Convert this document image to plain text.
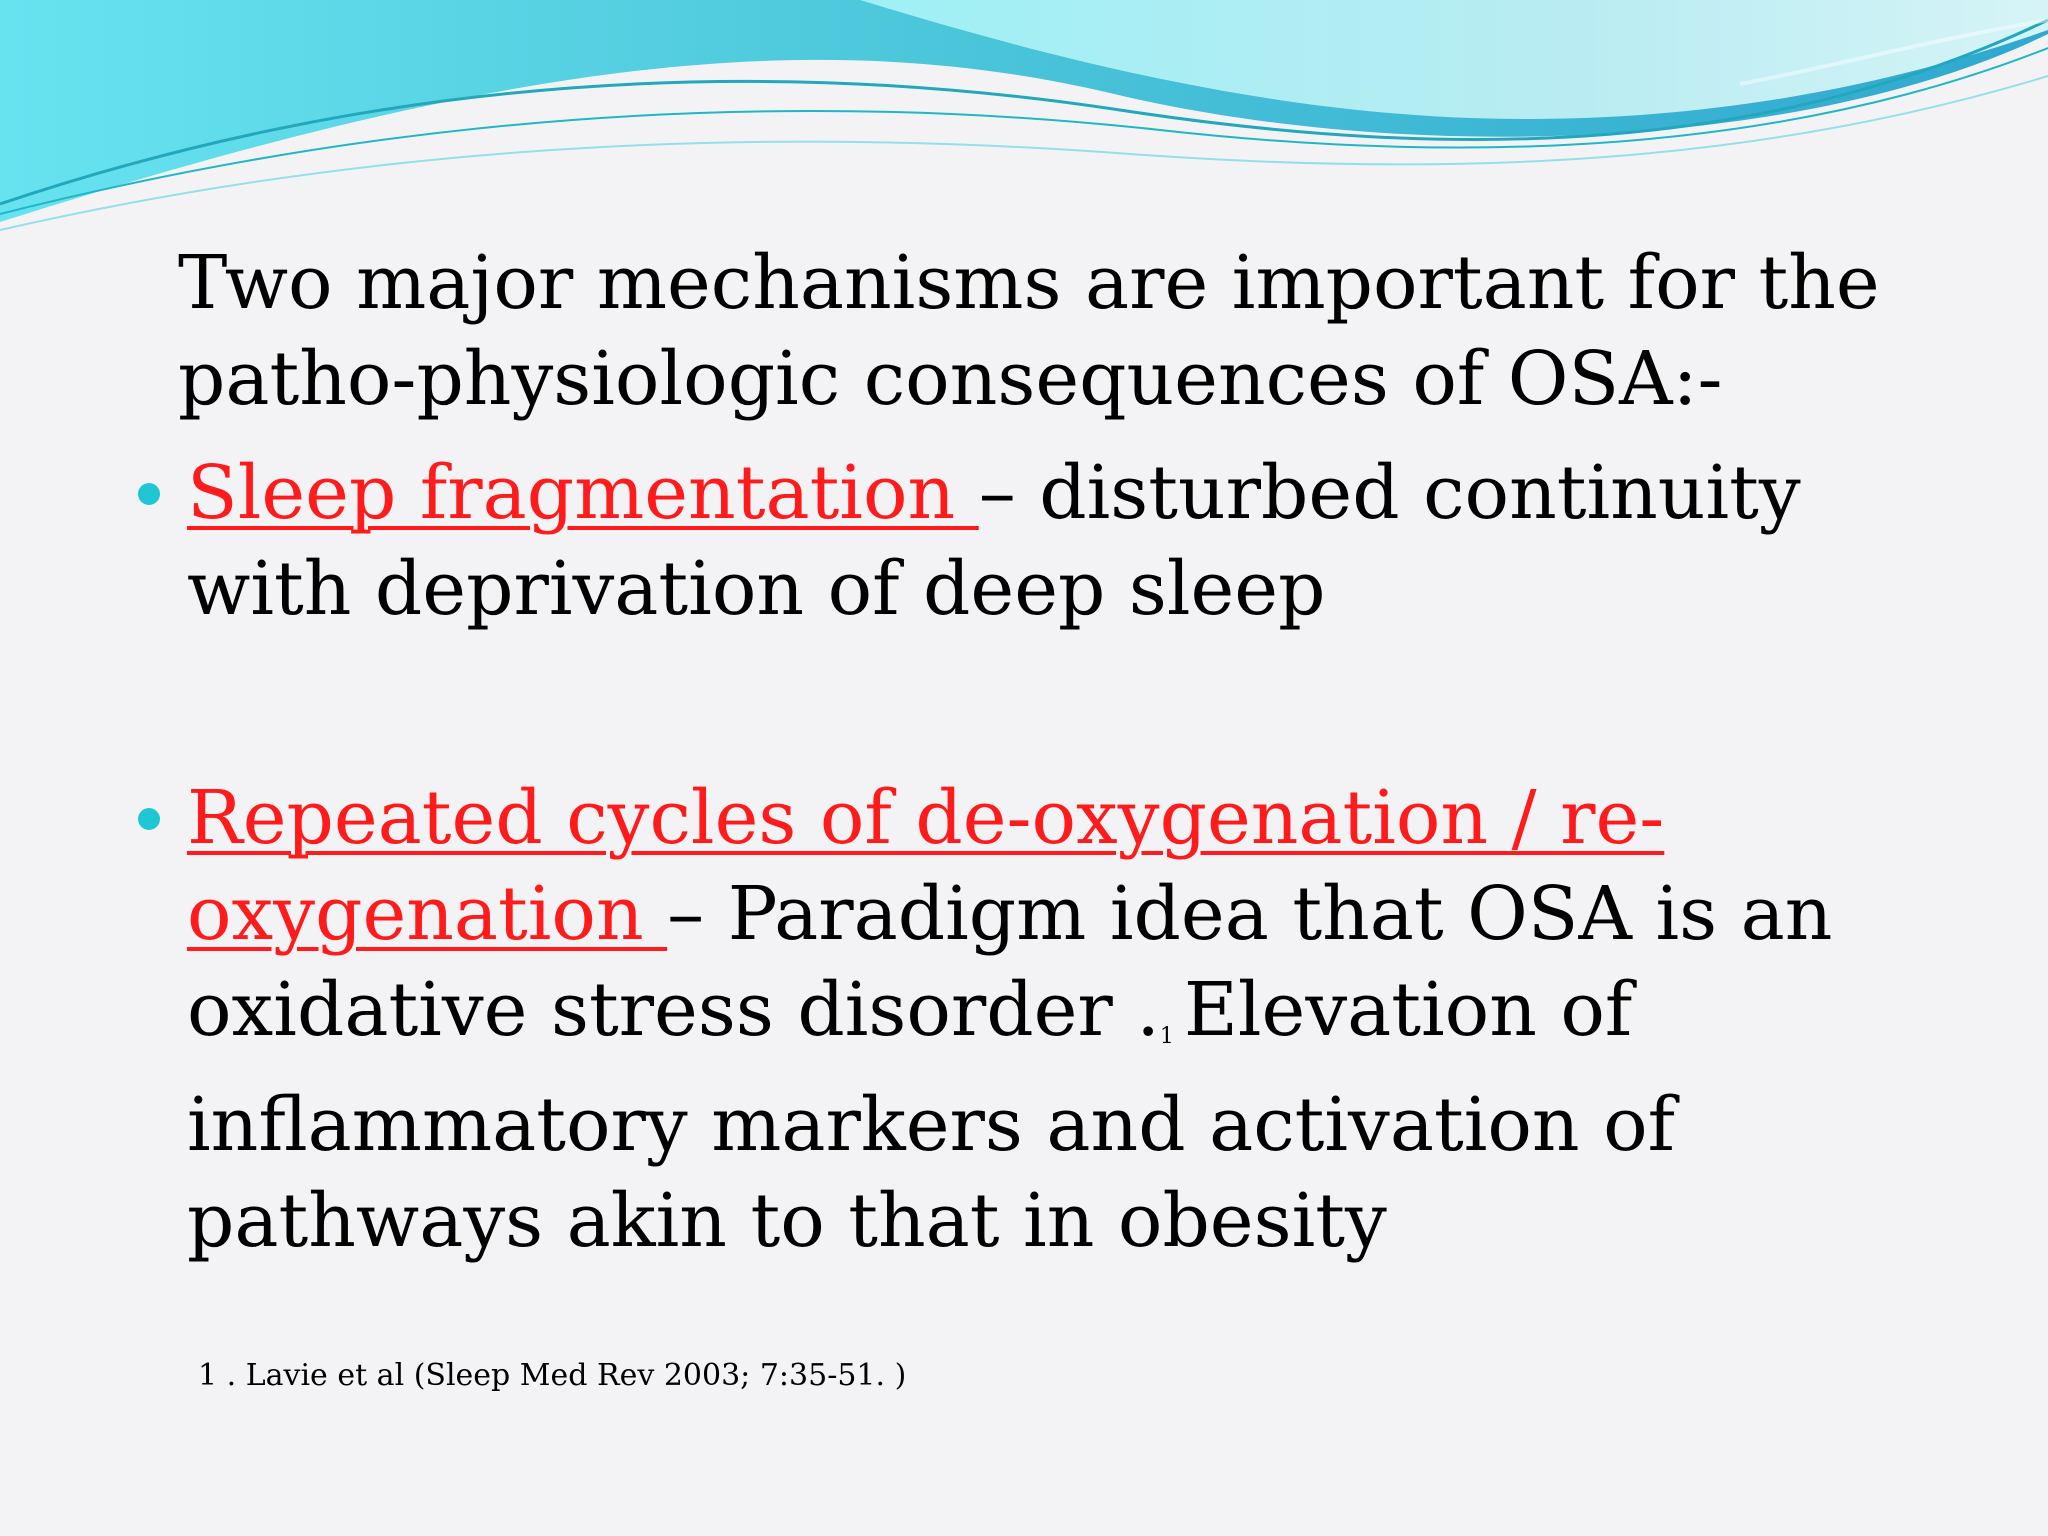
Two major mechanisms are important for the patho-physiologic consequences of OSA:-

Sleep fragmentation – disturbed continuity with deprivation of deep sleep
Repeated cycles of de-oxygenation / re-oxygenation – Paradigm idea that OSA is an oxidative stress disorder .1 Elevation of inflammatory markers and activation of pathways akin to that in obesity

1 . Lavie et al (Sleep Med Rev 2003; 7:35-51. )
